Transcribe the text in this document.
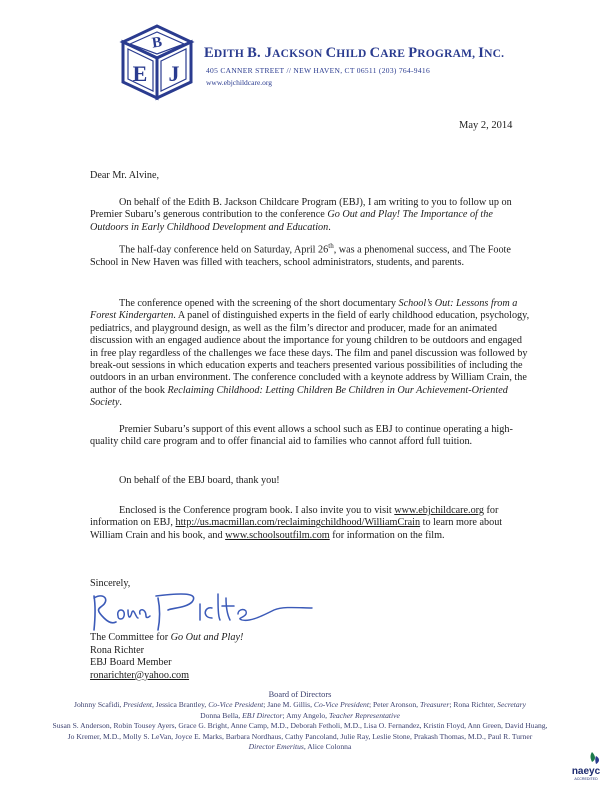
B
E J
EDITH B. JACKSON CHILD CARE PROGRAM, INC.
405 CANNER STREET // NEW HAVEN, CT 06511 (203) 764-9416
www.ebjchildcare.org
May 2, 2014
Dear Mr. Alvine,

On behalf of the Edith B. Jackson Childcare Program (EBJ), I am writing to you to follow up on Premier Subaru’s generous contribution to the conference Go Out and Play! The Importance of the Outdoors in Early Childhood Development and Education.

The half-day conference held on Saturday, April 26th, was a phenomenal success, and The Foote School in New Haven was filled with teachers, school administrators, students, and parents.

The conference opened with the screening of the short documentary School’s Out: Lessons from a Forest Kindergarten. A panel of distinguished experts in the field of early childhood education, psychology, pediatrics, and playground design, as well as the film’s director and producer, made for an animated discussion with an engaged audience about the importance for young children to be outdoors and engaged in free play regardless of the challenges we face these days. The film and panel discussion was followed by break-out sessions in which education experts and teachers presented various possibilities of including the outdoors in an urban environment. The conference concluded with a keynote address by William Crain, the author of the book Reclaiming Childhood: Letting Children Be Children in Our Achievement-Oriented Society.

Premier Subaru’s support of this event allows a school such as EBJ to continue operating a high-quality child care program and to offer financial aid to families who cannot afford full tuition.

On behalf of the EBJ board, thank you!

Enclosed is the Conference program book. I also invite you to visit www.ebjchildcare.org for information on EBJ, http://us.macmillan.com/reclaimingchildhood/WilliamCrain to learn more about William Crain and his book, and www.schoolsoutfilm.com for information on the film.

Sincerely,
The Committee for Go Out and Play!
Rona Richter
EBJ Board Member
ronarichter@yahoo.com
Board of Directors
Johnny Scafidi, President, Jessica Brantley, Co-Vice President; Jane M. Gillis, Co-Vice President; Peter Aronson, Treasurer; Rona Richter, Secretary
Donna Bella, EBJ Director; Amy Angelo, Teacher Representative
Susan S. Anderson, Robin Tousey Ayers, Grace G. Bright, Anne Camp, M.D., Deborah Fetholi, M.D., Lisa O. Fernandez, Kristin Floyd, Ann Green, David Huang,
Jo Kremer, M.D., Molly S. LeVan, Joyce E. Marks, Barbara Nordhaus, Cathy Pancoland, Julie Ray, Leslie Stone, Prakash Thomas, M.D., Paul R. Turner
Director Emeritus, Alice Colonna
naeyc
ACCREDITED
